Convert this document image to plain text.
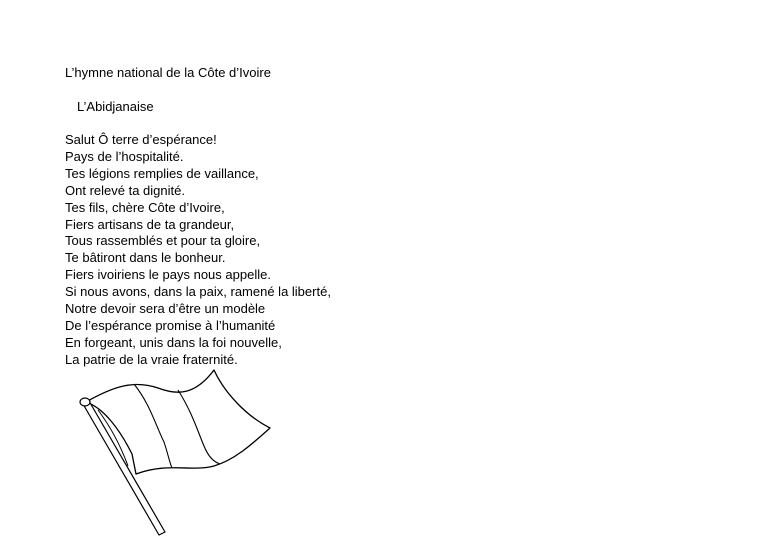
L’hymne national de la Côte d’Ivoire
L’Abidjanaise
Salut Ô terre d’espérance!
Pays de l’hospitalité.
Tes légions remplies de vaillance,
Ont relevé ta dignité.
Tes fils, chère Côte d’Ivoire,
Fiers artisans de ta grandeur,
Tous rassemblés et pour ta gloire,
Te bâtiront dans le bonheur.
Fiers ivoiriens le pays nous appelle.
Si nous avons, dans la paix, ramené la liberté,
Notre devoir sera d’être un modèle
De l’espérance promise à l’humanité
En forgeant, unis dans la foi nouvelle,
La patrie de la vraie fraternité.
